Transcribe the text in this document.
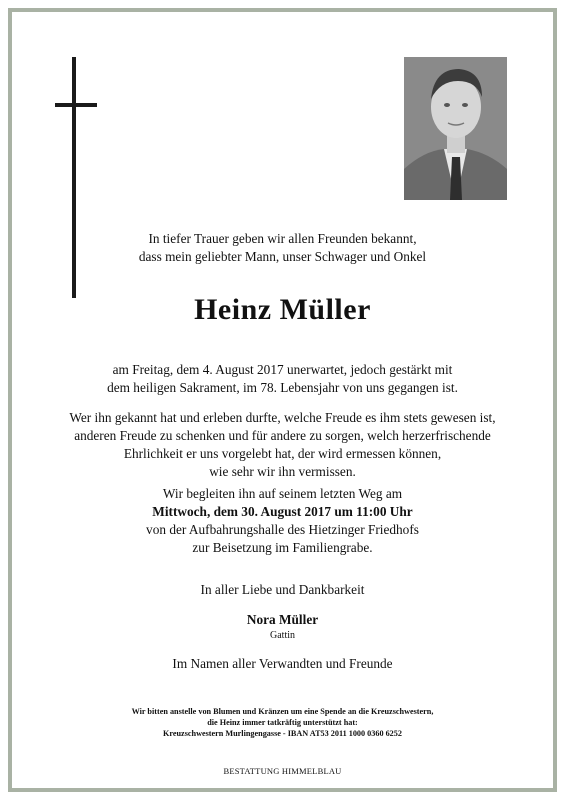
In tiefer Trauer geben wir allen Freunden bekannt,
dass mein geliebter Mann, unser Schwager und Onkel
Heinz Müller
am Freitag, dem 4. August 2017 unerwartet, jedoch gestärkt mit
dem heiligen Sakrament, im 78. Lebensjahr von uns gegangen ist.
Wer ihn gekannt hat und erleben durfte, welche Freude es ihm stets gewesen ist,
anderen Freude zu schenken und für andere zu sorgen, welch herzerfrischende
Ehrlichkeit er uns vorgelebt hat, der wird ermessen können,
wie sehr wir ihn vermissen.
Wir begleiten ihn auf seinem letzten Weg am
Mittwoch, dem 30. August 2017 um 11:00 Uhr
von der Aufbahrungshalle des Hietzinger Friedhofs
zur Beisetzung im Familiengrabe.
In aller Liebe und Dankbarkeit
Nora Müller
Gattin
Im Namen aller Verwandten und Freunde
Wir bitten anstelle von Blumen und Kränzen um eine Spende an die Kreuzschwestern,
die Heinz immer tatkräftig unterstützt hat:
Kreuzschwestern Murlingengasse - IBAN AT53 2011 1000 0360 6252
BESTATTUNG HIMMELBLAU
